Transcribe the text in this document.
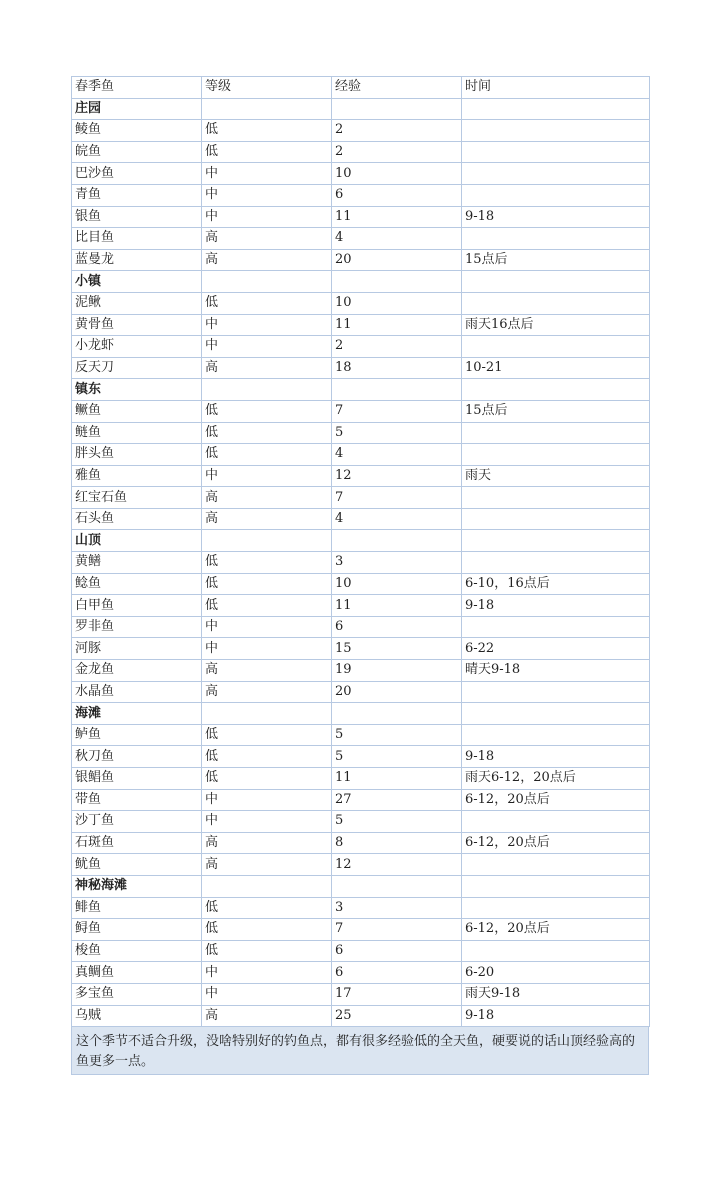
春季鱼	等级	经验	时间
庄园			
鲮鱼	低	2	
皖鱼	低	2	
巴沙鱼	中	10	
青鱼	中	6	
银鱼	中	11	9-18
比目鱼	高	4	
蓝曼龙	高	20	15点后
小镇			
泥鳅	低	10	
黄骨鱼	中	11	雨天16点后
小龙虾	中	2	
反天刀	高	18	10-21
镇东			
鳜鱼	低	7	15点后
鲢鱼	低	5	
胖头鱼	低	4	
雅鱼	中	12	雨天
红宝石鱼	高	7	
石头鱼	高	4	
山顶			
黄鳝	低	3	
鲶鱼	低	10	6-10，16点后
白甲鱼	低	11	9-18
罗非鱼	中	6	
河豚	中	15	6-22
金龙鱼	高	19	晴天9-18
水晶鱼	高	20	
海滩			
鲈鱼	低	5	
秋刀鱼	低	5	9-18
银鲳鱼	低	11	雨天6-12，20点后
带鱼	中	27	6-12，20点后
沙丁鱼	中	5	
石斑鱼	高	8	6-12，20点后
鱿鱼	高	12	
神秘海滩			
鲱鱼	低	3	
鲟鱼	低	7	6-12，20点后
梭鱼	低	6	
真鲷鱼	中	6	6-20
多宝鱼	中	17	雨天9-18
乌贼	高	25	9-18
这个季节不适合升级，没啥特别好的钓鱼点，都有很多经验低的全天鱼，硬要说的话山顶经验高的鱼更多一点。
